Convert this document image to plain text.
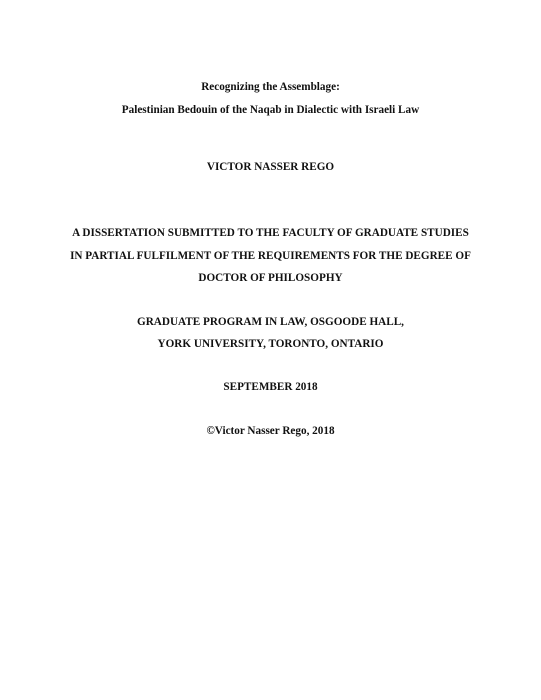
Recognizing the Assemblage:
Palestinian Bedouin of the Naqab in Dialectic with Israeli Law
VICTOR NASSER REGO
A DISSERTATION SUBMITTED TO THE FACULTY OF GRADUATE STUDIES
IN PARTIAL FULFILMENT OF THE REQUIREMENTS FOR THE DEGREE OF
DOCTOR OF PHILOSOPHY
GRADUATE PROGRAM IN LAW, OSGOODE HALL,
YORK UNIVERSITY, TORONTO, ONTARIO
SEPTEMBER 2018
©Victor Nasser Rego, 2018
